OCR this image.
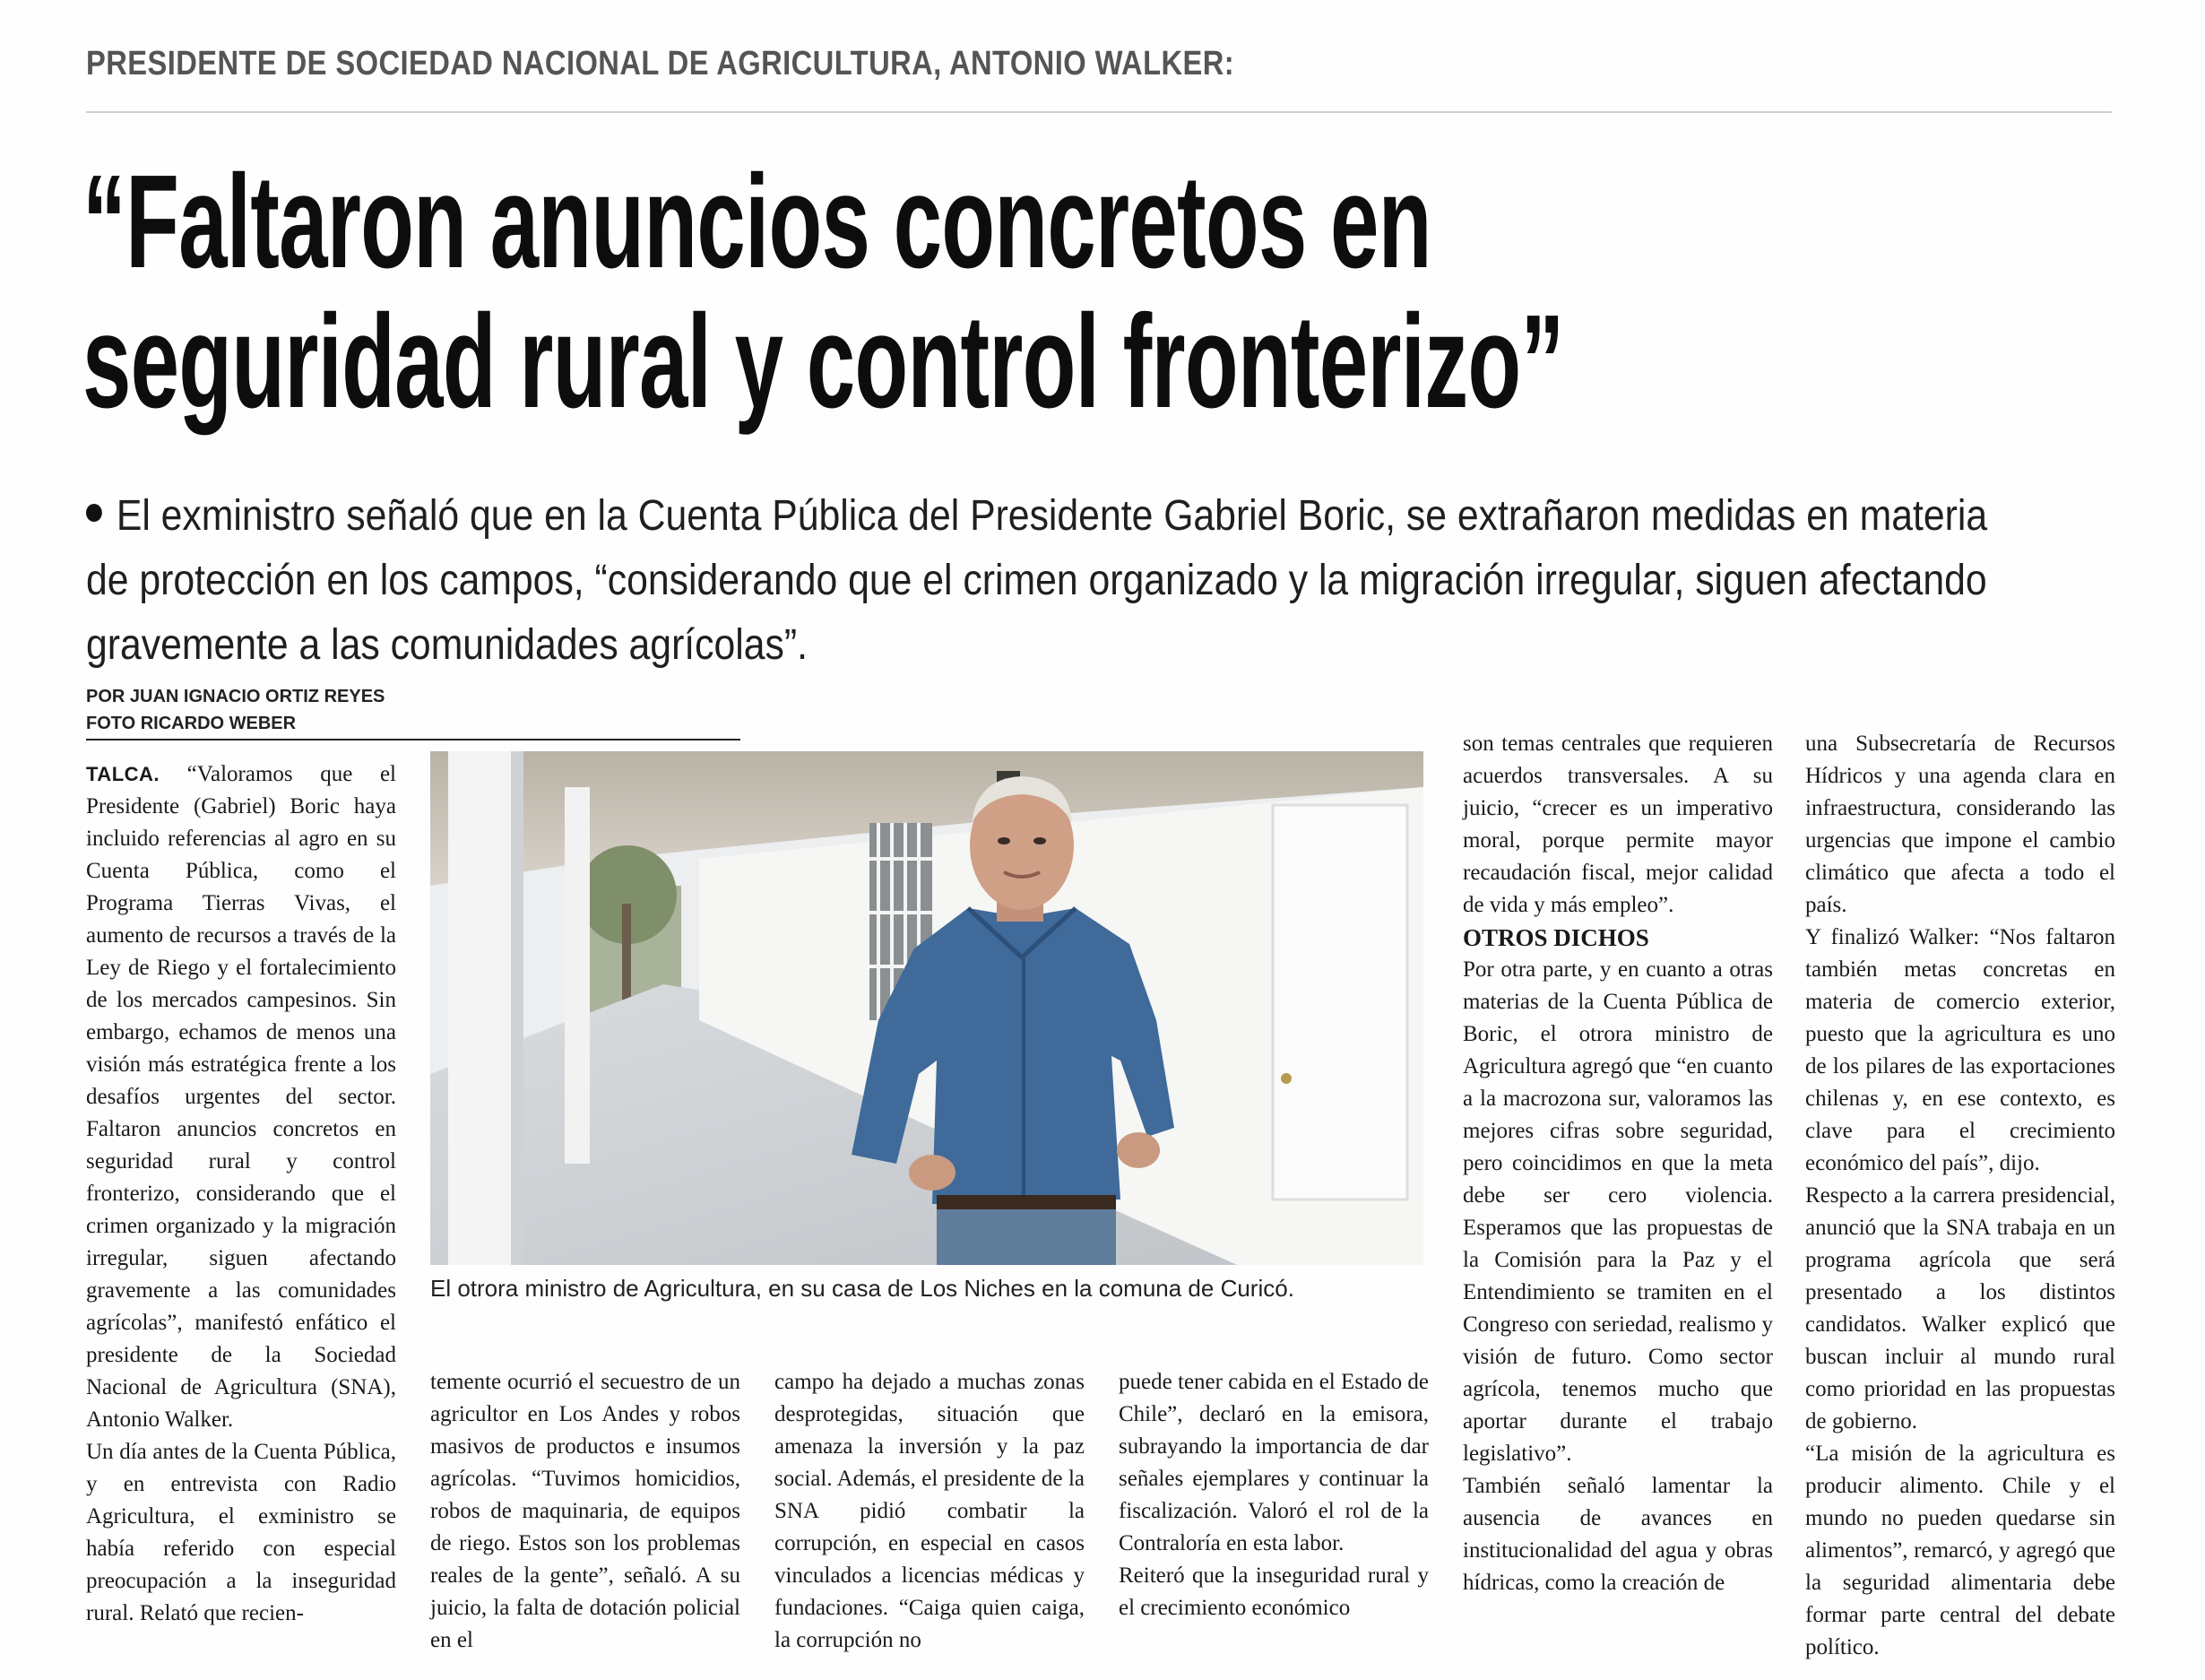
PRESIDENTE DE SOCIEDAD NACIONAL DE AGRICULTURA, ANTONIO WALKER:
“Faltaron anuncios concretos en
seguridad rural y control fronterizo”
El exministro señaló que en la Cuenta Pública del Presidente Gabriel Boric, se extrañaron medidas en materia de protección en los campos, “considerando que el crimen organizado y la migración irregular, siguen afectando gravemente a las comunidades agrícolas”.
POR JUAN IGNACIO ORTIZ REYES
FOTO RICARDO WEBER

TALCA. “Valoramos que el Presidente (Gabriel) Boric haya incluido referencias al agro en su Cuenta Pública, como el Programa Tierras Vivas, el aumento de recursos a través de la Ley de Riego y el fortalecimiento de los mercados campesinos. Sin embargo, echamos de menos una visión más estratégica frente a los desafíos urgentes del sector. Faltaron anuncios concretos en seguridad rural y control fronterizo, considerando que el crimen organizado y la migración irregular, siguen afectando gravemente a las comunidades agrícolas”, manifestó enfático el presidente de la Sociedad Nacional de Agricultura (SNA), Antonio Walker.

Un día antes de la Cuenta Pública, y en entrevista con Radio Agricultura, el exministro se había referido con especial preocupación a la inseguridad rural. Relató que recien-

El otrora ministro de Agricultura, en su casa de Los Niches en la comuna de Curicó.

temente ocurrió el secuestro de un agricultor en Los Andes y robos masivos de productos e insumos agrícolas. “Tuvimos homicidios, robos de maquinaria, de equipos de riego. Estos son los problemas reales de la gente”, señaló. A su juicio, la falta de dotación policial en el

campo ha dejado a muchas zonas desprotegidas, situación que amenaza la inversión y la paz social. Además, el presidente de la SNA pidió combatir la corrupción, en especial en casos vinculados a licencias médicas y fundaciones. “Caiga quien caiga, la corrupción no

puede tener cabida en el Estado de Chile”, declaró en la emisora, subrayando la importancia de dar señales ejemplares y continuar la fiscalización. Valoró el rol de la Contraloría en esta labor.

Reiteró que la inseguridad rural y el crecimiento económico

son temas centrales que requieren acuerdos transversales. A su juicio, “crecer es un imperativo moral, porque permite mayor recaudación fiscal, mejor calidad de vida y más empleo”.

OTROS DICHOS

Por otra parte, y en cuanto a otras materias de la Cuenta Pública de Boric, el otrora ministro de Agricultura agregó que “en cuanto a la macrozona sur, valoramos las mejores cifras sobre seguridad, pero coincidimos en que la meta debe ser cero violencia. Esperamos que las propuestas de la Comisión para la Paz y el Entendimiento se tramiten en el Congreso con seriedad, realismo y visión de futuro. Como sector agrícola, tenemos mucho que aportar durante el trabajo legislativo”.

También señaló lamentar la ausencia de avances en institucionalidad del agua y obras hídricas, como la creación de

una Subsecretaría de Recursos Hídricos y una agenda clara en infraestructura, considerando las urgencias que impone el cambio climático que afecta a todo el país.

Y finalizó Walker: “Nos faltaron también metas concretas en materia de comercio exterior, puesto que la agricultura es uno de los pilares de las exportaciones chilenas y, en ese contexto, es clave para el crecimiento económico del país”, dijo.

Respecto a la carrera presidencial, anunció que la SNA trabaja en un programa agrícola que será presentado a los distintos candidatos. Walker explicó que buscan incluir al mundo rural como prioridad en las propuestas de gobierno.

“La misión de la agricultura es producir alimento. Chile y el mundo no pueden quedarse sin alimentos”, remarcó, y agregó que la seguridad alimentaria debe formar parte central del debate político.
